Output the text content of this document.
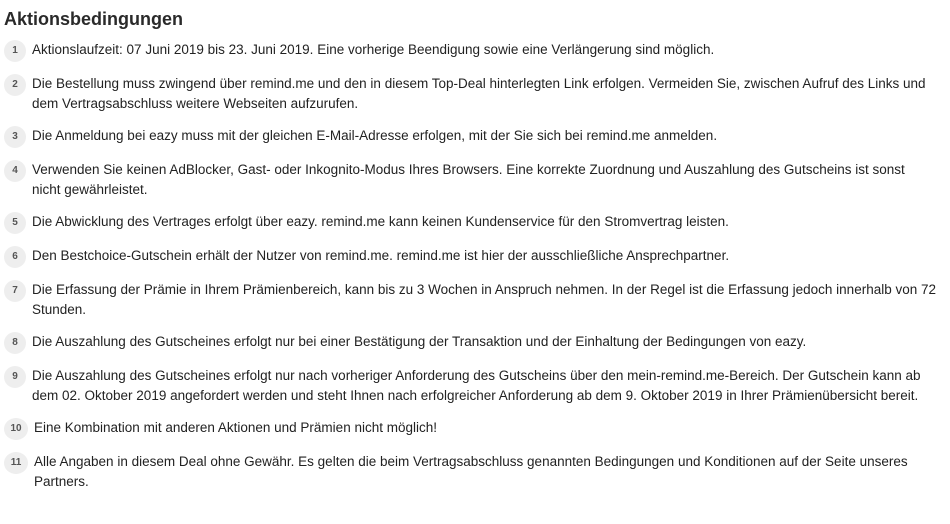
Aktionsbedingungen
1	Aktionslaufzeit: 07 Juni 2019 bis 23. Juni 2019. Eine vorherige Beendigung sowie eine Verlängerung sind möglich.
2	Die Bestellung muss zwingend über remind.me und den in diesem Top-Deal hinterlegten Link erfolgen. Vermeiden Sie, zwischen Aufruf des Links und dem Vertragsabschluss weitere Webseiten aufzurufen.
3	Die Anmeldung bei eazy muss mit der gleichen E-Mail-Adresse erfolgen, mit der Sie sich bei remind.me anmelden.
4	Verwenden Sie keinen AdBlocker, Gast- oder Inkognito-Modus Ihres Browsers. Eine korrekte Zuordnung und Auszahlung des Gutscheins ist sonst nicht gewährleistet.
5	Die Abwicklung des Vertrages erfolgt über eazy. remind.me kann keinen Kundenservice für den Stromvertrag leisten.
6	Den Bestchoice-Gutschein erhält der Nutzer von remind.me. remind.me ist hier der ausschließliche Ansprechpartner.
7	Die Erfassung der Prämie in Ihrem Prämienbereich, kann bis zu 3 Wochen in Anspruch nehmen. In der Regel ist die Erfassung jedoch innerhalb von 72 Stunden.
8	Die Auszahlung des Gutscheines erfolgt nur bei einer Bestätigung der Transaktion und der Einhaltung der Bedingungen von eazy.
9	Die Auszahlung des Gutscheines erfolgt nur nach vorheriger Anforderung des Gutscheins über den mein-remind.me-Bereich. Der Gutschein kann ab dem 02. Oktober 2019 angefordert werden und steht Ihnen nach erfolgreicher Anforderung ab dem 9. Oktober 2019 in Ihrer Prämienübersicht bereit.
10 Eine Kombination mit anderen Aktionen und Prämien nicht möglich!
11 Alle Angaben in diesem Deal ohne Gewähr. Es gelten die beim Vertragsabschluss genannten Bedingungen und Konditionen auf der Seite unseres Partners.
